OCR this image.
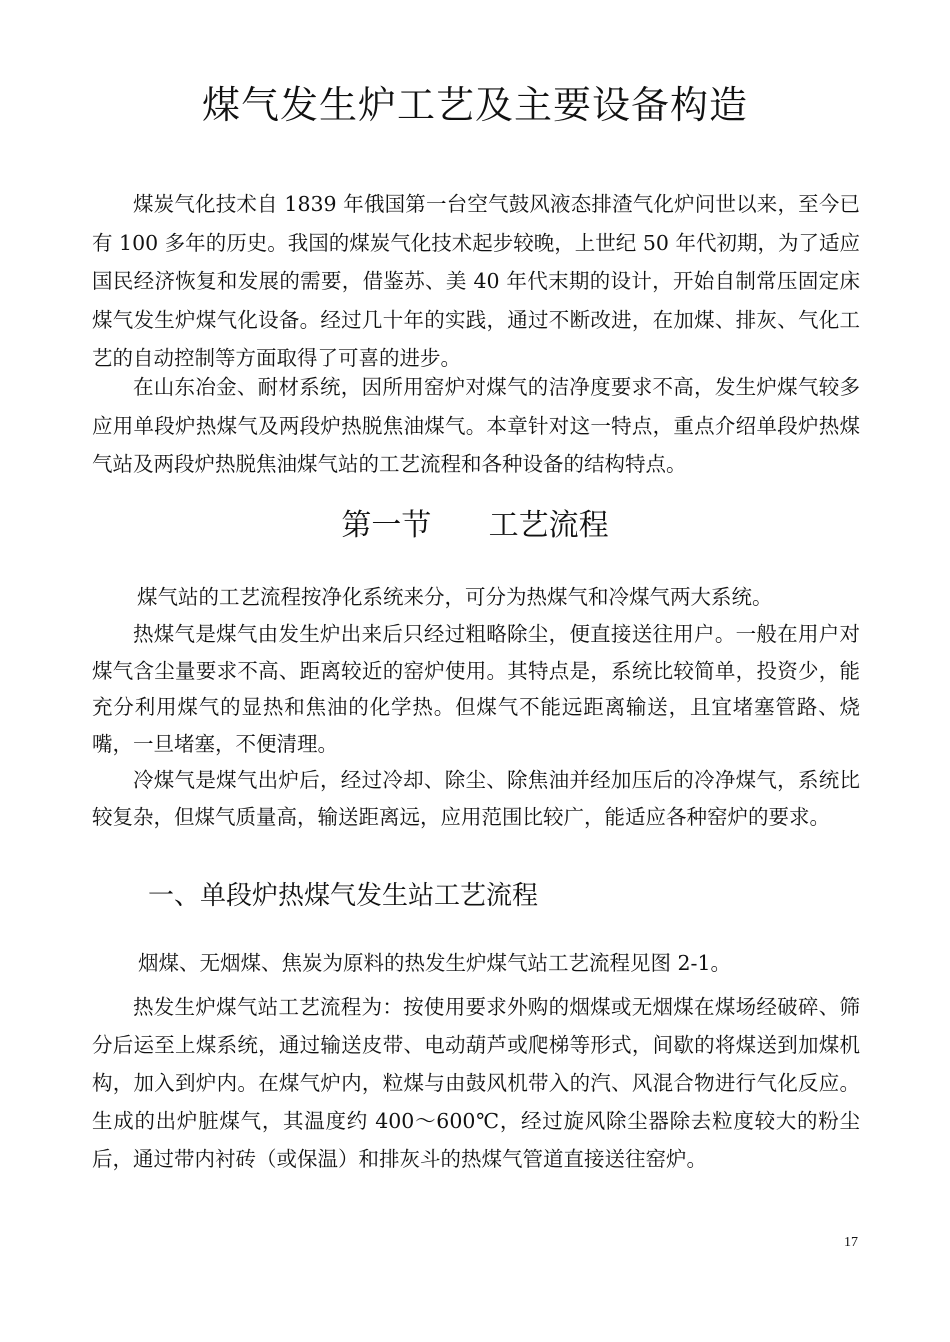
煤气发生炉工艺及主要设备构造

煤炭气化技术自 1839 年俄国第一台空气鼓风液态排渣气化炉问世以来，至今已有 100 多年的历史。我国的煤炭气化技术起步较晚，上世纪 50 年代初期，为了适应国民经济恢复和发展的需要，借鉴苏、美 40 年代末期的设计，开始自制常压固定床煤气发生炉煤气化设备。经过几十年的实践，通过不断改进，在加煤、排灰、气化工艺的自动控制等方面取得了可喜的进步。

在山东冶金、耐材系统，因所用窑炉对煤气的洁净度要求不高，发生炉煤气较多应用单段炉热煤气及两段炉热脱焦油煤气。本章针对这一特点，重点介绍单段炉热煤气站及两段炉热脱焦油煤气站的工艺流程和各种设备的结构特点。

第一节      工艺流程

煤气站的工艺流程按净化系统来分，可分为热煤气和冷煤气两大系统。

热煤气是煤气由发生炉出来后只经过粗略除尘，便直接送往用户。一般在用户对煤气含尘量要求不高、距离较近的窑炉使用。其特点是，系统比较简单，投资少，能充分利用煤气的显热和焦油的化学热。但煤气不能远距离输送，且宜堵塞管路、烧嘴，一旦堵塞，不便清理。

冷煤气是煤气出炉后，经过冷却、除尘、除焦油并经加压后的冷净煤气，系统比较复杂，但煤气质量高，输送距离远，应用范围比较广，能适应各种窑炉的要求。

一、单段炉热煤气发生站工艺流程

烟煤、无烟煤、焦炭为原料的热发生炉煤气站工艺流程见图 2-1。

热发生炉煤气站工艺流程为：按使用要求外购的烟煤或无烟煤在煤场经破碎、筛分后运至上煤系统，通过输送皮带、电动葫芦或爬梯等形式，间歇的将煤送到加煤机构，加入到炉内。在煤气炉内，粒煤与由鼓风机带入的汽、风混合物进行气化反应。生成的出炉脏煤气，其温度约 400～600℃，经过旋风除尘器除去粒度较大的粉尘后，通过带内衬砖（或保温）和排灰斗的热煤气管道直接送往窑炉。

17
